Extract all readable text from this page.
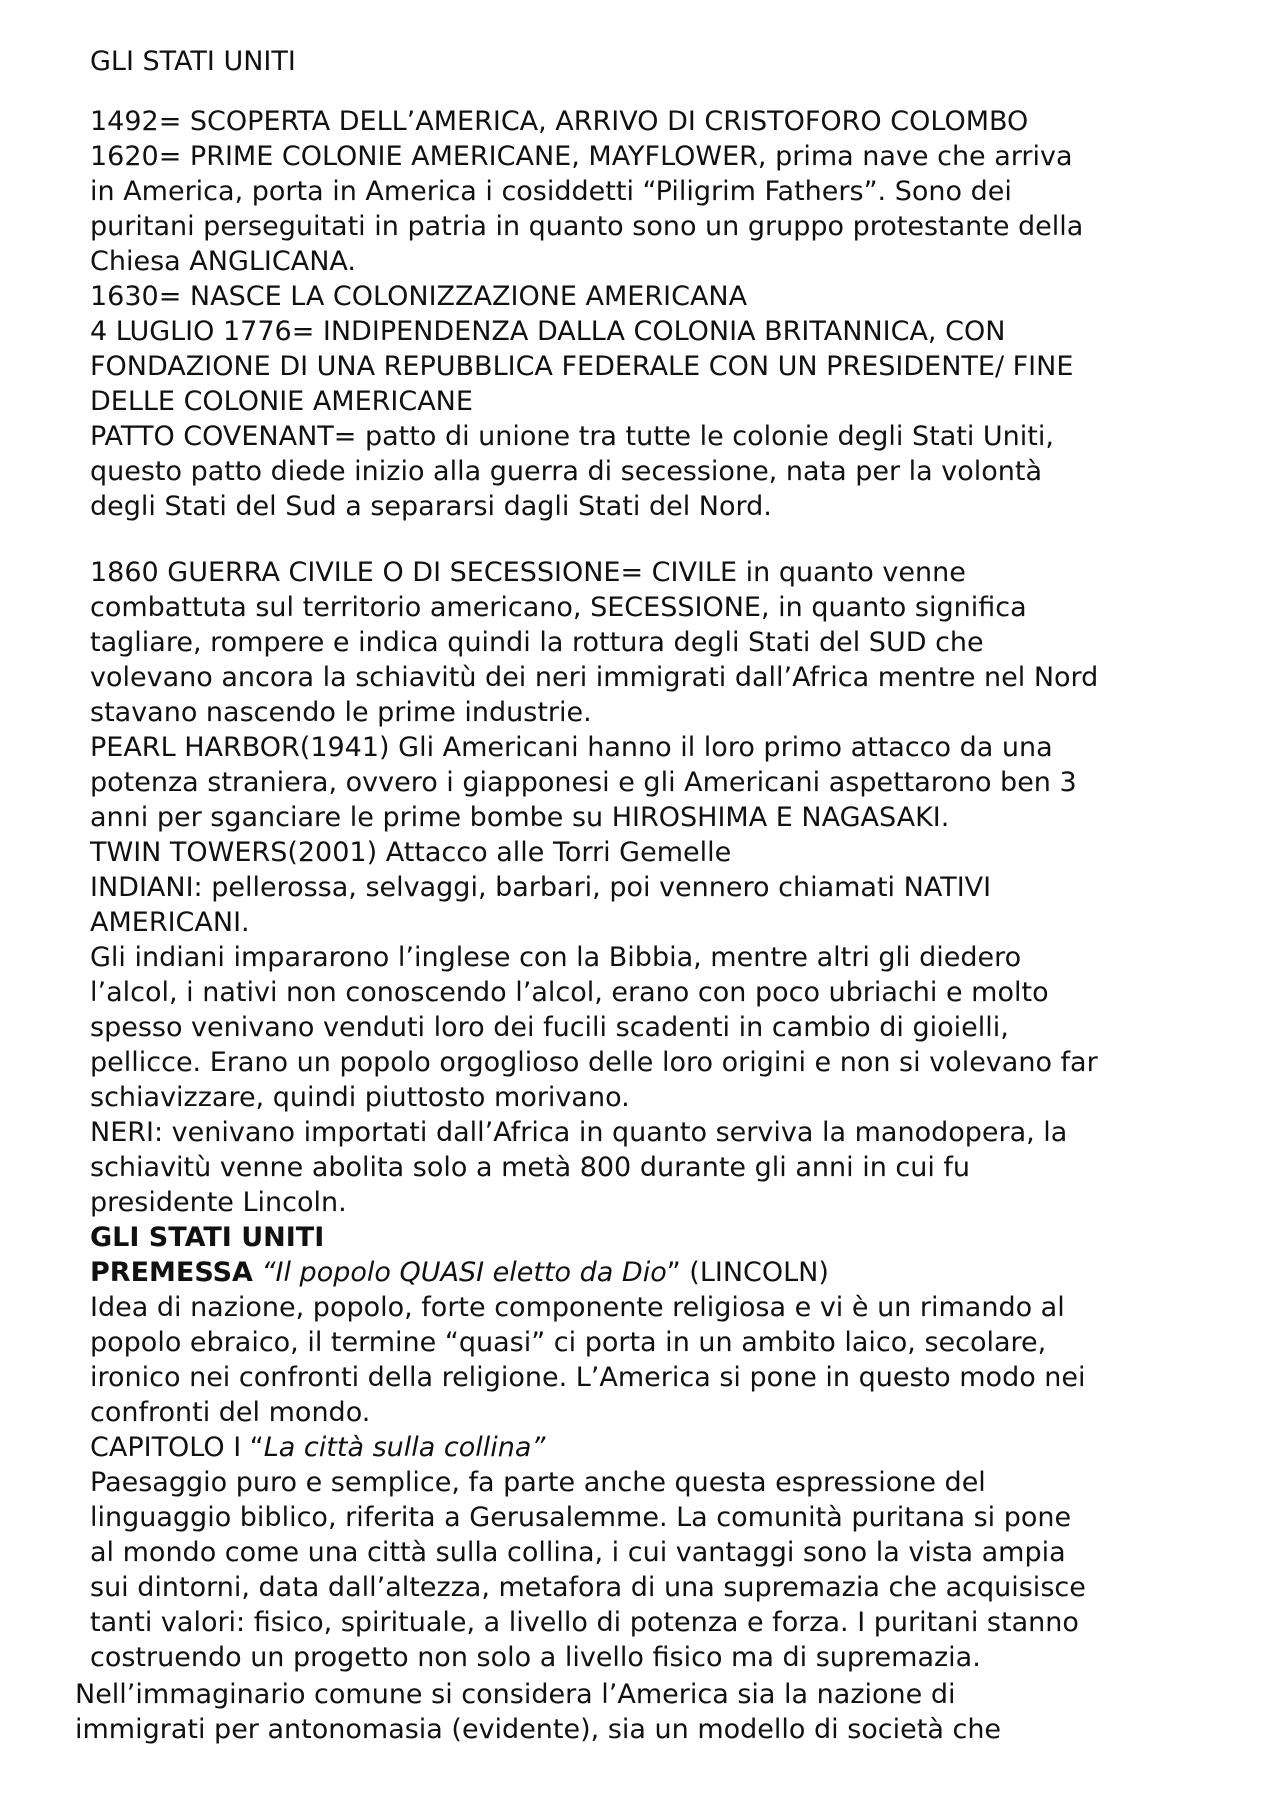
GLI STATI UNITI
1492= SCOPERTA DELL’AMERICA, ARRIVO DI CRISTOFORO COLOMBO
1620= PRIME COLONIE AMERICANE, MAYFLOWER, prima nave che arriva
in America, porta in America i cosiddetti “Piligrim Fathers”. Sono dei
puritani perseguitati in patria in quanto sono un gruppo protestante della
Chiesa ANGLICANA.
1630= NASCE LA COLONIZZAZIONE AMERICANA
4 LUGLIO 1776= INDIPENDENZA DALLA COLONIA BRITANNICA, CON
FONDAZIONE DI UNA REPUBBLICA FEDERALE CON UN PRESIDENTE/ FINE
DELLE COLONIE AMERICANE
PATTO COVENANT= patto di unione tra tutte le colonie degli Stati Uniti,
questo patto diede inizio alla guerra di secessione, nata per la volontà
degli Stati del Sud a separarsi dagli Stati del Nord.
1860 GUERRA CIVILE O DI SECESSIONE= CIVILE in quanto venne
combattuta sul territorio americano, SECESSIONE, in quanto significa
tagliare, rompere e indica quindi la rottura degli Stati del SUD che
volevano ancora la schiavitù dei neri immigrati dall’Africa mentre nel Nord
stavano nascendo le prime industrie.
PEARL HARBOR(1941) Gli Americani hanno il loro primo attacco da una
potenza straniera, ovvero i giapponesi e gli Americani aspettarono ben 3
anni per sganciare le prime bombe su HIROSHIMA E NAGASAKI.
TWIN TOWERS(2001) Attacco alle Torri Gemelle
INDIANI: pellerossa, selvaggi, barbari, poi vennero chiamati NATIVI
AMERICANI.
Gli indiani impararono l’inglese con la Bibbia, mentre altri gli diedero
l’alcol, i nativi non conoscendo l’alcol, erano con poco ubriachi e molto
spesso venivano venduti loro dei fucili scadenti in cambio di gioielli,
pellicce. Erano un popolo orgoglioso delle loro origini e non si volevano far
schiavizzare, quindi piuttosto morivano.
NERI: venivano importati dall’Africa in quanto serviva la manodopera, la
schiavitù venne abolita solo a metà 800 durante gli anni in cui fu
presidente Lincoln.
GLI STATI UNITI
PREMESSA “Il popolo QUASI eletto da Dio” (LINCOLN)
Idea di nazione, popolo, forte componente religiosa e vi è un rimando al
popolo ebraico, il termine “quasi” ci porta in un ambito laico, secolare,
ironico nei confronti della religione. L’America si pone in questo modo nei
confronti del mondo.
CAPITOLO I “La città sulla collina”
Paesaggio puro e semplice, fa parte anche questa espressione del
linguaggio biblico, riferita a Gerusalemme. La comunità puritana si pone
al mondo come una città sulla collina, i cui vantaggi sono la vista ampia
sui dintorni, data dall’altezza, metafora di una supremazia che acquisisce
tanti valori: fisico, spirituale, a livello di potenza e forza. I puritani stanno
costruendo un progetto non solo a livello fisico ma di supremazia.
Nell’immaginario comune si considera l’America sia la nazione di
immigrati per antonomasia (evidente), sia un modello di società che
